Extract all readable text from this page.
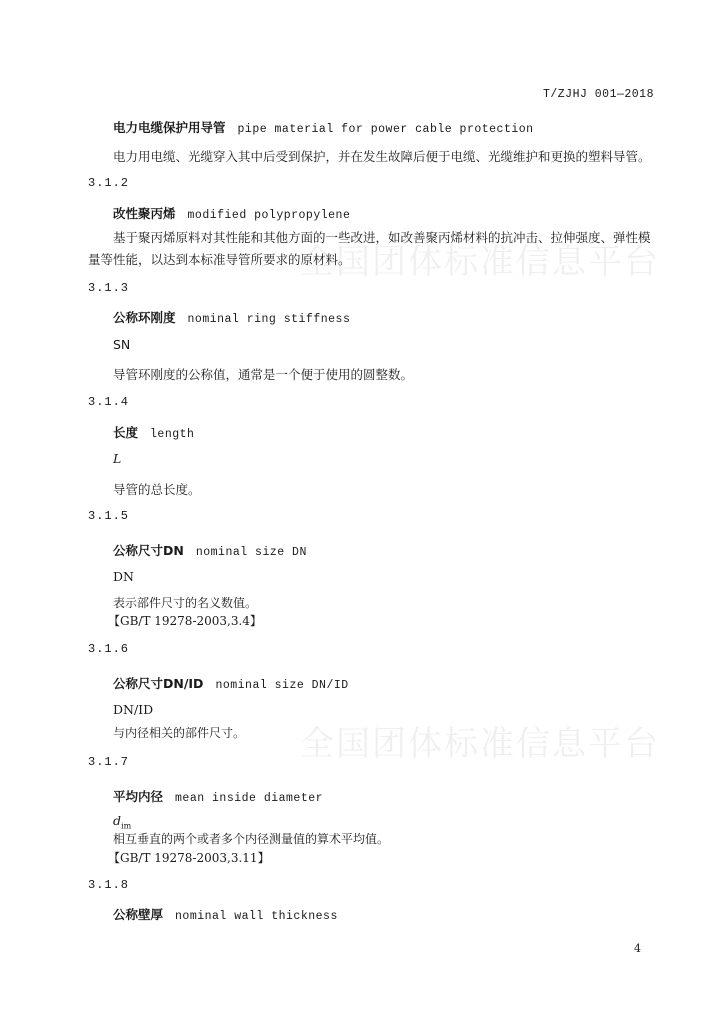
T/ZJHJ 001—2018
全国团体标准信息平台
全国团体标准信息平台
电力电缆保护用导管 pipe material for power cable protection
电力用电缆、光缆穿入其中后受到保护，并在发生故障后便于电缆、光缆维护和更换的塑料导管。
3.1.2
改性聚丙烯 modified polypropylene
基于聚丙烯原料对其性能和其他方面的一些改进，如改善聚丙烯材料的抗冲击、拉伸强度、弹性模量等性能，以达到本标准导管所要求的原材料。
3.1.3
公称环刚度 nominal ring stiffness
SN
导管环刚度的公称值，通常是一个便于使用的圆整数。
3.1.4
长度 length
L
导管的总长度。
3.1.5
公称尺寸DN nominal size DN
DN
表示部件尺寸的名义数值。
【GB/T 19278-2003,3.4】
3.1.6
公称尺寸DN/ID nominal size DN/ID
DN/ID
与内径相关的部件尺寸。
3.1.7
平均内径 mean inside diameter
$d_{im}$
相互垂直的两个或者多个内径测量值的算术平均值。
【GB/T 19278-2003,3.11】
3.1.8
公称壁厚 nominal wall thickness
4
